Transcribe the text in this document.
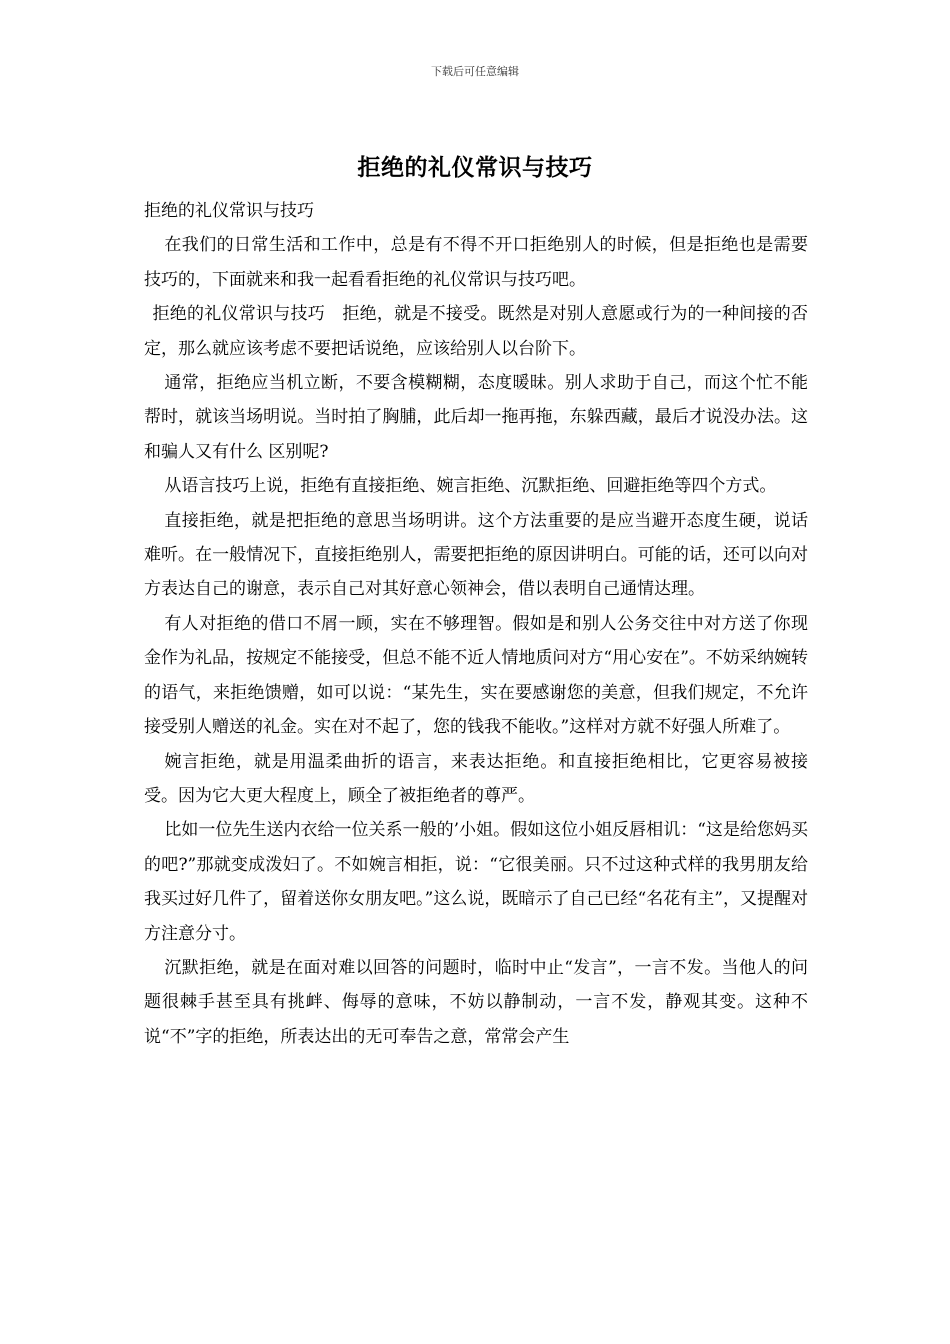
下载后可任意编辑
拒绝的礼仪常识与技巧

拒绝的礼仪常识与技巧

在我们的日常生活和工作中，总是有不得不开口拒绝别人的时候，但是拒绝也是需要技巧的，下面就来和我一起看看拒绝的礼仪常识与技巧吧。

拒绝的礼仪常识与技巧　拒绝，就是不接受。既然是对别人意愿或行为的一种间接的否定，那么就应该考虑不要把话说绝，应该给别人以台阶下。

通常，拒绝应当机立断，不要含模糊糊，态度暖昧。别人求助于自己，而这个忙不能帮时，就该当场明说。当时拍了胸脯，此后却一拖再拖，东躲西藏，最后才说没办法。这和骗人又有什么 区别呢?

从语言技巧上说，拒绝有直接拒绝、婉言拒绝、沉默拒绝、回避拒绝等四个方式。

直接拒绝，就是把拒绝的意思当场明讲。这个方法重要的是应当避开态度生硬，说话难听。在一般情况下，直接拒绝别人，需要把拒绝的原因讲明白。可能的话，还可以向对方表达自己的谢意，表示自己对其好意心领神会，借以表明自己通情达理。

有人对拒绝的借口不屑一顾，实在不够理智。假如是和别人公务交往中对方送了你现金作为礼品，按规定不能接受，但总不能不近人情地质问对方“用心安在”。不妨采纳婉转的语气，来拒绝馈赠，如可以说：“某先生，实在要感谢您的美意，但我们规定，不允许接受别人赠送的礼金。实在对不起了，您的钱我不能收。”这样对方就不好强人所难了。

婉言拒绝，就是用温柔曲折的语言，来表达拒绝。和直接拒绝相比，它更容易被接受。因为它大更大程度上，顾全了被拒绝者的尊严。

比如一位先生送内衣给一位关系一般的’小姐。假如这位小姐反唇相讥：“这是给您妈买的吧?”那就变成泼妇了。不如婉言相拒，说：“它很美丽。只不过这种式样的我男朋友给我买过好几件了，留着送你女朋友吧。”这么说，既暗示了自己已经“名花有主”，又提醒对方注意分寸。

沉默拒绝，就是在面对难以回答的问题时，临时中止“发言”，一言不发。当他人的问题很棘手甚至具有挑衅、侮辱的意味，不妨以静制动，一言不发，静观其变。这种不说“不”字的拒绝，所表达出的无可奉告之意，常常会产生
